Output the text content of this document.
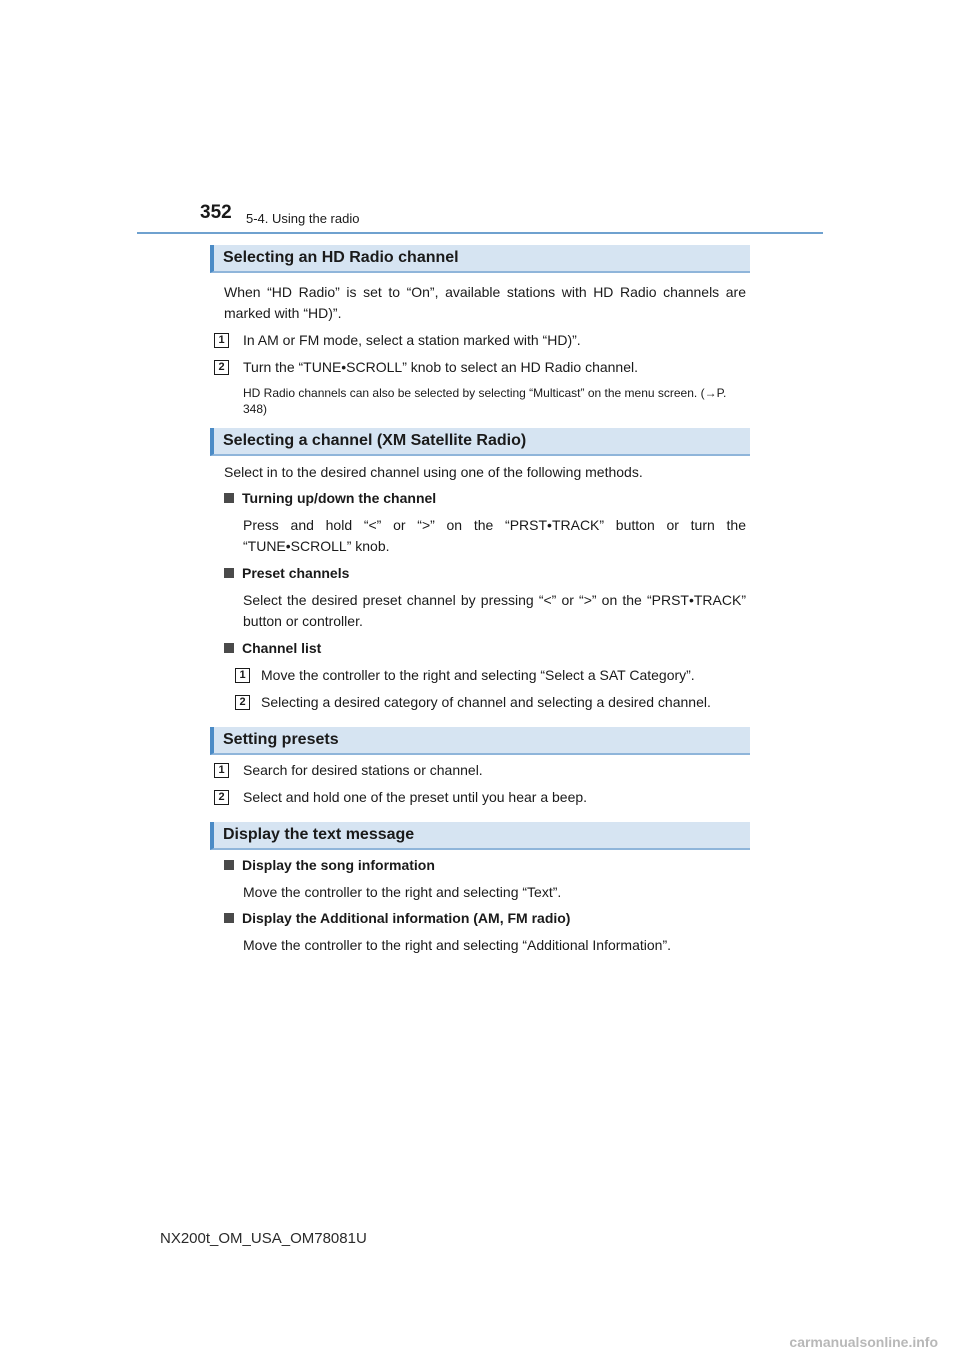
352 5-4. Using the radio
Selecting an HD Radio channel
When “HD Radio” is set to “On”, available stations with HD Radio channels are marked with “HD)”.
1	In AM or FM mode, select a station marked with “HD)”.
2	Turn the “TUNE•SCROLL” knob to select an HD Radio channel.
HD Radio channels can also be selected by selecting “Multicast” on the menu screen. (→P. 348)
Selecting a channel (XM Satellite Radio)
Select in to the desired channel using one of the following methods.
Turning up/down the channel
Press and hold “<” or “>” on the “PRST•TRACK” button or turn the “TUNE•SCROLL” knob.
Preset channels
Select the desired preset channel by pressing “<” or “>” on the “PRST•TRACK” button or controller.
Channel list
1	Move the controller to the right and selecting “Select a SAT Category”.
2	Selecting a desired category of channel and selecting a desired channel.
Setting presets
1	Search for desired stations or channel.
2	Select and hold one of the preset until you hear a beep.
Display the text message
Display the song information
Move the controller to the right and selecting “Text”.
Display the Additional information (AM, FM radio)
Move the controller to the right and selecting “Additional Information”.
NX200t_OM_USA_OM78081U
carmanualsonline.info
